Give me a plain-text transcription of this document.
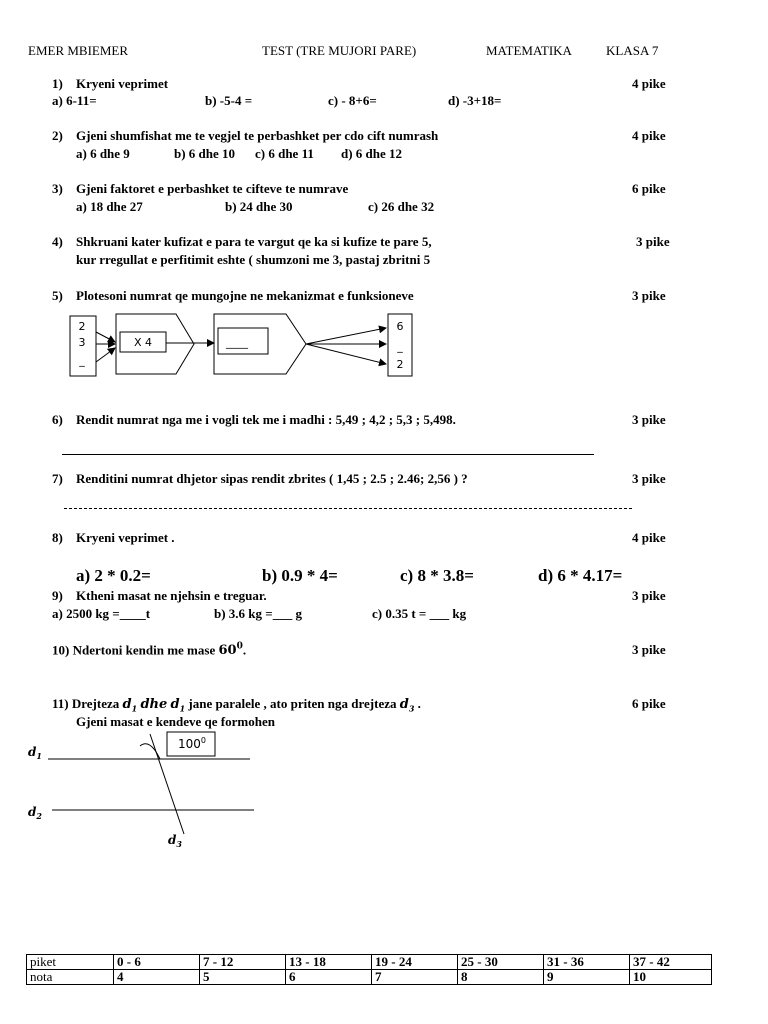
EMER MBIEMER	TEST (TRE MUJORI PARE)	MATEMATIKA	KLASA 7
1) Kryeni veprimet	4 pike
a) 6-11=	b) -5-4 =	c) - 8+6=	d) -3+18=
2) Gjeni shumfishat me te vegjel te perbashket per cdo cift numrash	4 pike
a) 6 dhe 9	b) 6 dhe 10 c) 6 dhe 11 d) 6 dhe 12
3) Gjeni faktoret e perbashket te cifteve te numrave	6 pike
a) 18 dhe 27	b) 24 dhe 30	c) 26 dhe 32
4) Shkruani kater kufizat e para te vargut qe ka si kufize te pare 5,	3 pike
kur rregullat e perfitimit eshte ( shumzoni me 3, pastaj zbritni 5
5) Plotesoni numrat qe mungojne ne mekanizmat e funksioneve	3 pike
2
3
_
X 4	____
6
_
2
6) Rendit numrat nga me i vogli tek me i madhi : 5,49 ; 4,2 ; 5,3 ; 5,498.	3 pike
7) Renditini numrat dhjetor sipas rendit zbrites ( 1,45 ; 2.5 ; 2.46; 2,56 ) ?	3 pike
8) Kryeni veprimet .	4 pike
a) 2 * 0.2=	b) 0.9 * 4=	c) 8 * 3.8=	d) 6 * 4.17=
9) Ktheni masat ne njehsin e treguar.	3 pike
a) 2500 kg =____t	b) 3.6 kg =___ g	c) 0.35 t = ___ kg
10) Ndertoni kendin me mase $60^0$.	3 pike
11) Drejteza $d_1$ dhe $d_1$ jane paralele , ato priten nga drejteza $d_3$ .	6 pike
Gjeni masat e kendeve qe formohen
$100^0$
$d_1$
$d_2$
$d_3$
piket	0 - 6	7 - 12	13 - 18	19 - 24	25 - 30	31 - 36	37 - 42
nota	4	5	6	7	8	9	10
